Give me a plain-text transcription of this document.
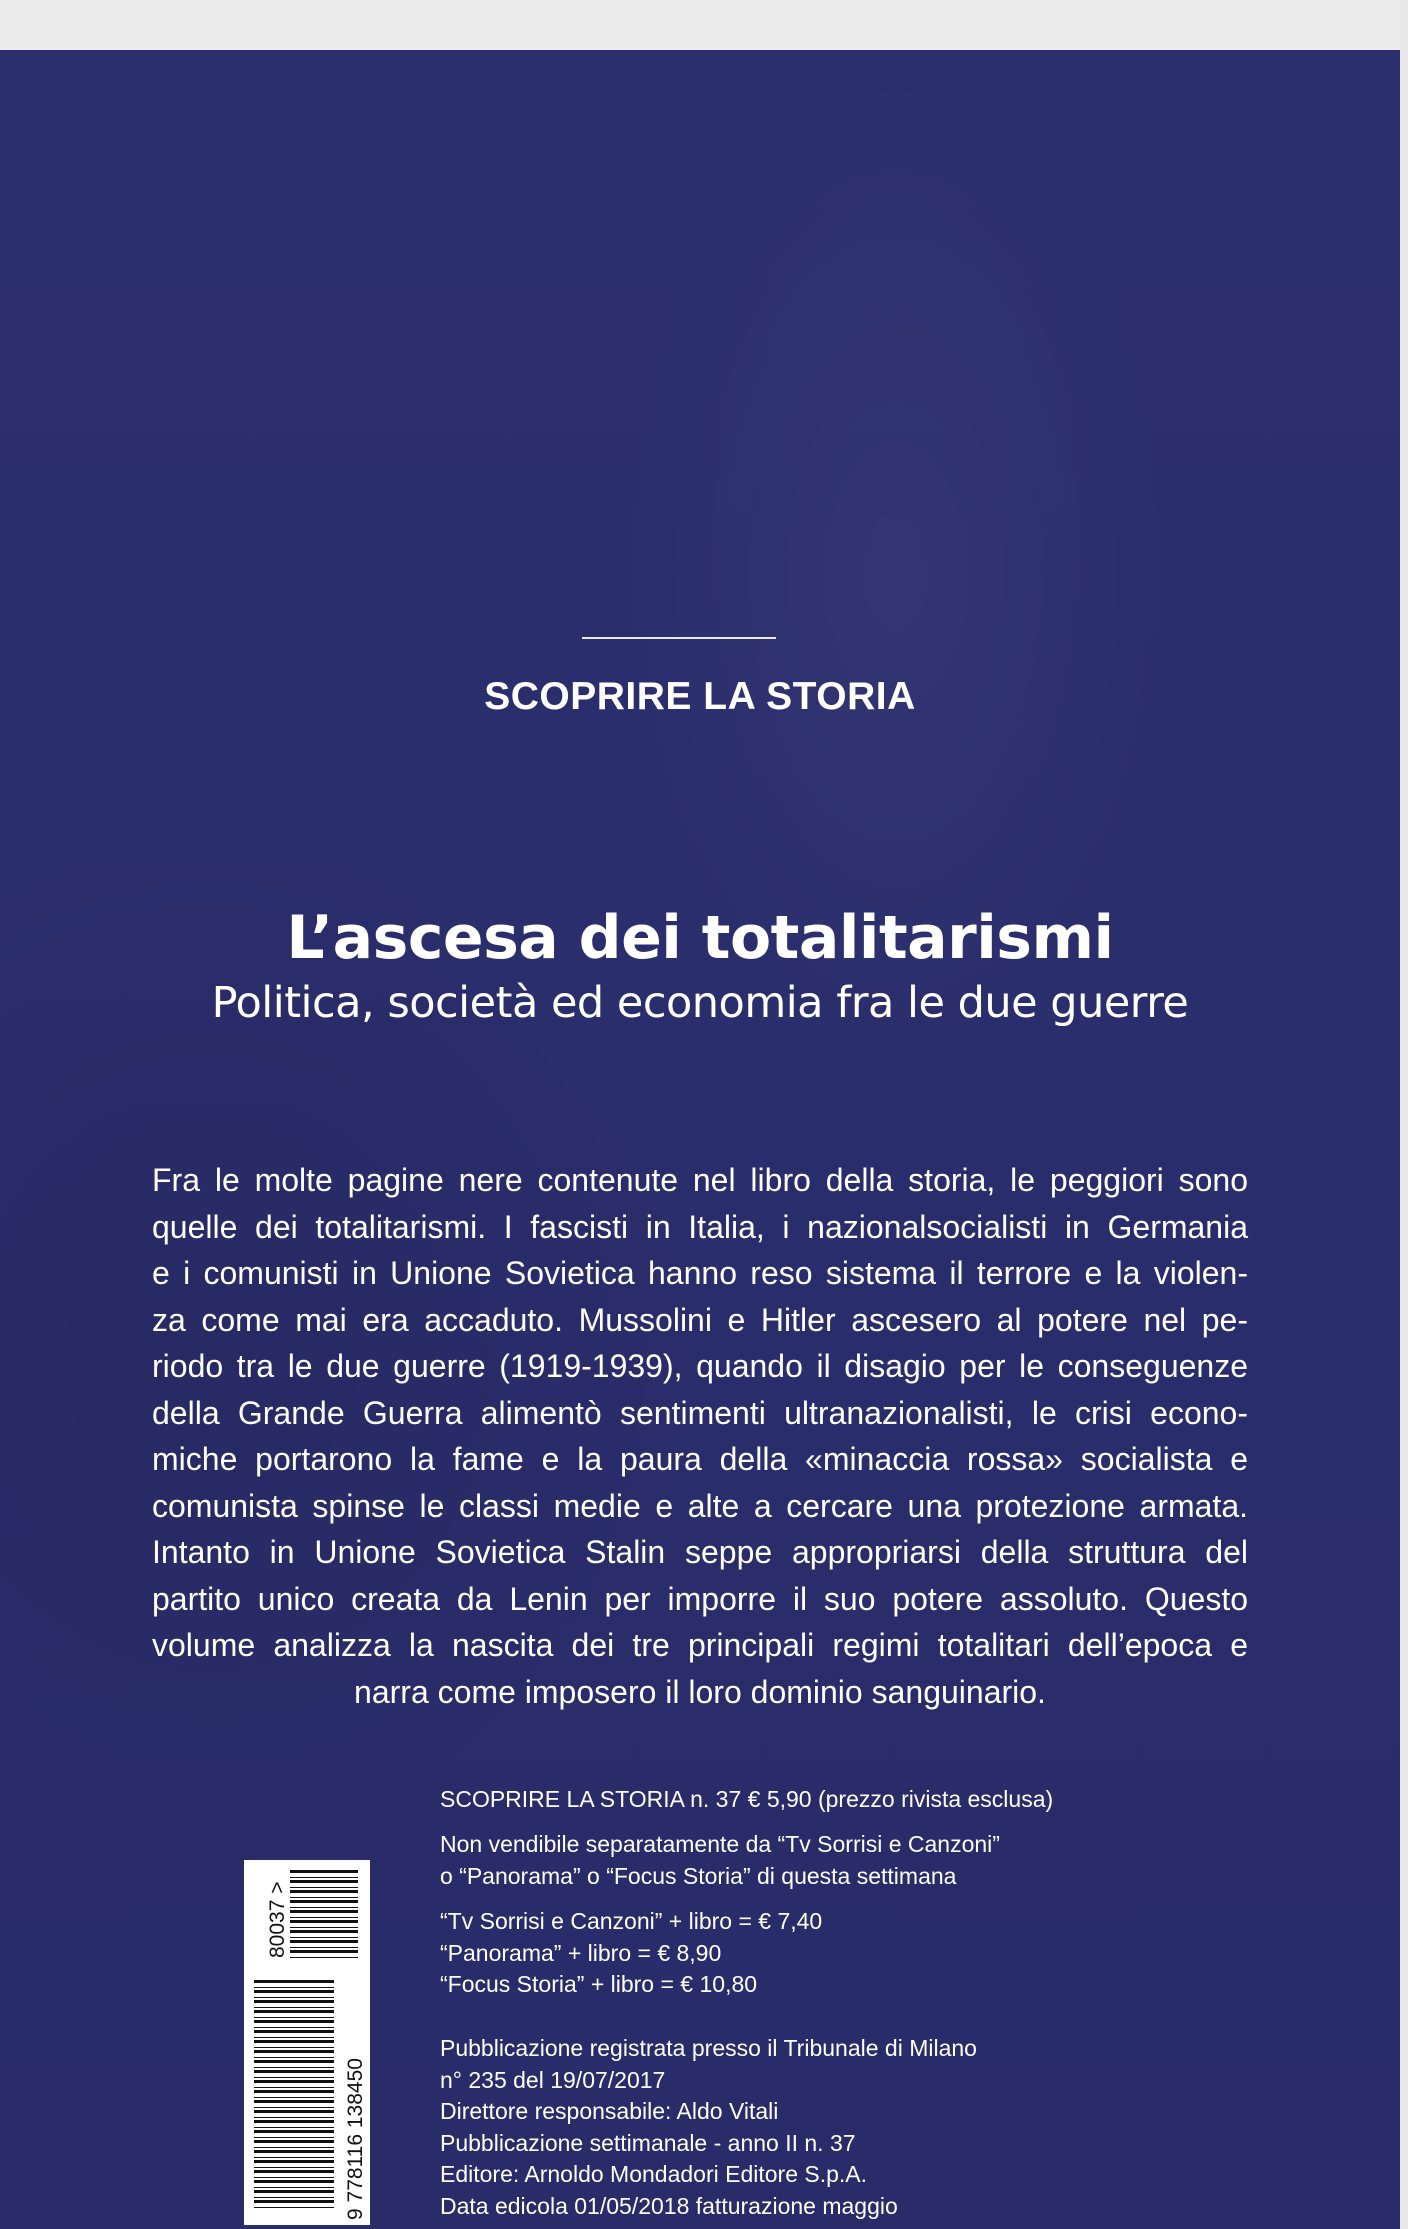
SCOPRIRE LA STORIA
L’ascesa dei totalitarismi
Politica, società ed economia fra le due guerre
Fra le molte pagine nere contenute nel libro della storia, le peggiori sono
quelle dei totalitarismi. I fascisti in Italia, i nazionalsocialisti in Germania
e i comunisti in Unione Sovietica hanno reso sistema il terrore e la violen-
za come mai era accaduto. Mussolini e Hitler ascesero al potere nel pe-
riodo tra le due guerre (1919-1939), quando il disagio per le conseguenze
della Grande Guerra alimentò sentimenti ultranazionalisti, le crisi econo-
miche portarono la fame e la paura della «minaccia rossa» socialista e
comunista spinse le classi medie e alte a cercare una protezione armata.
Intanto in Unione Sovietica Stalin seppe appropriarsi della struttura del
partito unico creata da Lenin per imporre il suo potere assoluto. Questo
volume analizza la nascita dei tre principali regimi totalitari dell’epoca e
narra come imposero il loro dominio sanguinario.
SCOPRIRE LA STORIA n. 37 € 5,90 (prezzo rivista esclusa)
Non vendibile separatamente da “Tv Sorrisi e Canzoni”
o “Panorama” o “Focus Storia” di questa settimana
“Tv Sorrisi e Canzoni” + libro = € 7,40
“Panorama” + libro = € 8,90
“Focus Storia” + libro = € 10,80
Pubblicazione registrata presso il Tribunale di Milano
n° 235 del 19/07/2017
Direttore responsabile: Aldo Vitali
Pubblicazione settimanale - anno II n. 37
Editore: Arnoldo Mondadori Editore S.p.A.
Data edicola 01/05/2018 fatturazione maggio
9 778116 138450
80037 >
